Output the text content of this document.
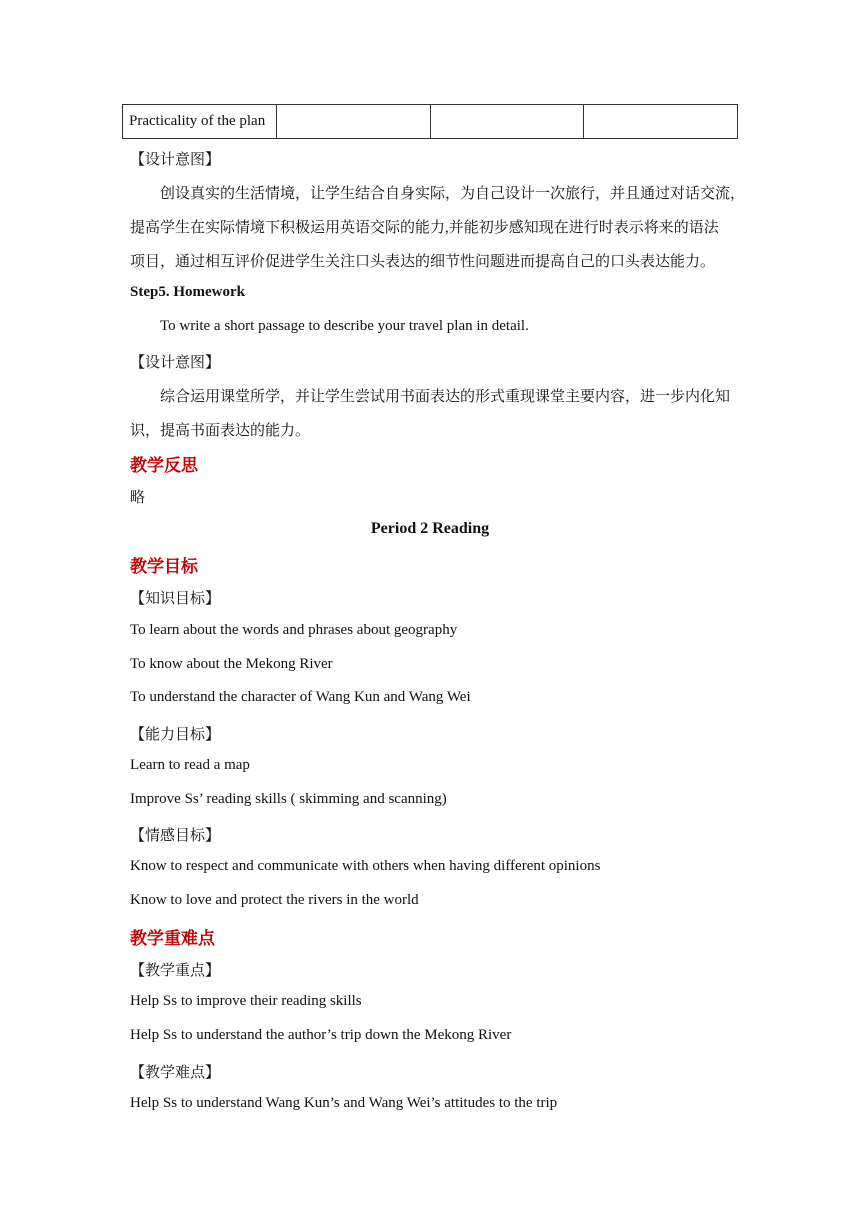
Practicality of the plan			
【设计意图】
创设真实的生活情境，让学生结合自身实际，为自己设计一次旅行，并且通过对话交流，
提高学生在实际情境下积极运用英语交际的能力,并能初步感知现在进行时表示将来的语法
项目，通过相互评价促进学生关注口头表达的细节性问题进而提高自己的口头表达能力。
Step5. Homework
To write a short passage to describe your travel plan in detail.
【设计意图】
综合运用课堂所学，并让学生尝试用书面表达的形式重现课堂主要内容，进一步内化知
识，提高书面表达的能力。
教学反思
略
Period 2 Reading
教学目标
【知识目标】
To learn about the words and phrases about geography
To know about the Mekong River
To understand the character of Wang Kun and Wang Wei
【能力目标】
Learn to read a map
Improve Ss’ reading skills ( skimming and scanning)
【情感目标】
Know to respect and communicate with others when having different opinions
Know to love and protect the rivers in the world
教学重难点
【教学重点】
Help Ss to improve their reading skills
Help Ss to understand the author’s trip down the Mekong River
【教学难点】
Help Ss to understand Wang Kun’s and Wang Wei’s attitudes to the trip
